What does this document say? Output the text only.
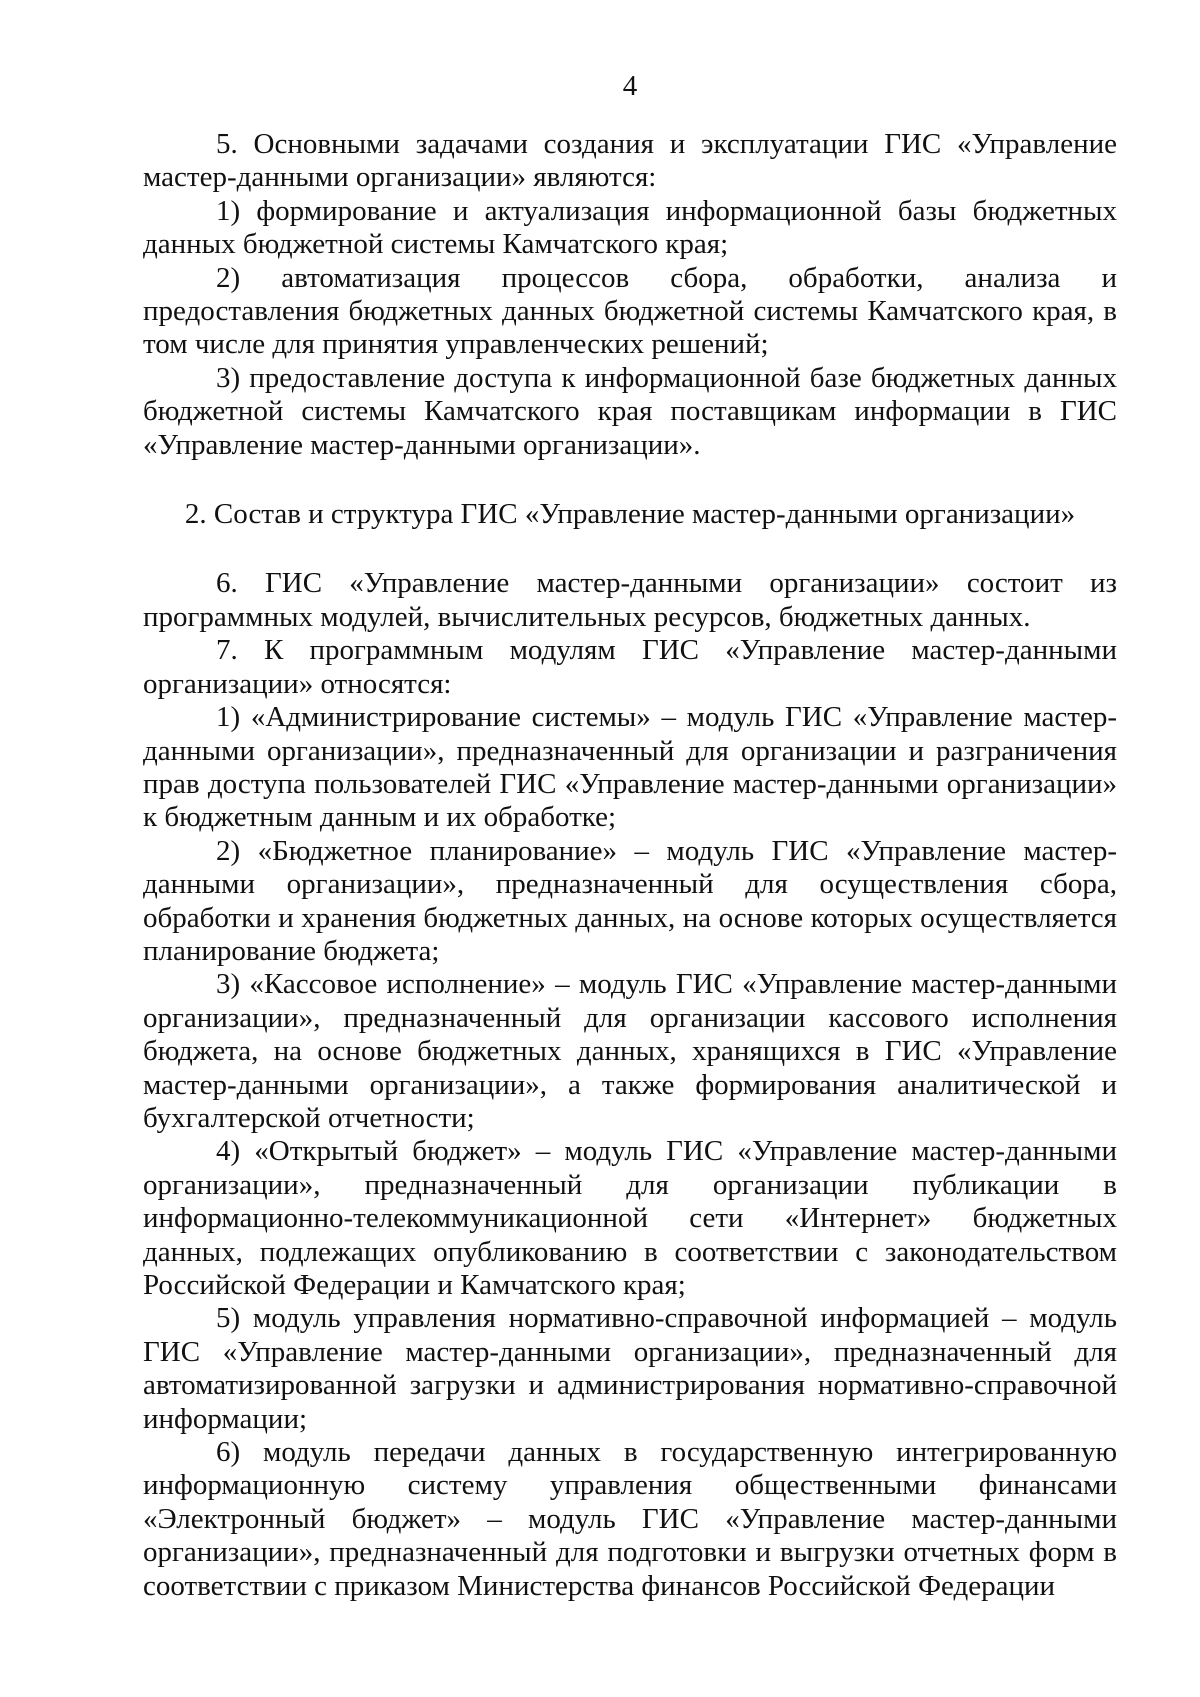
4

5. Основными задачами создания и эксплуатации ГИС «Управление мастер-данными организации» являются:

1) формирование и актуализация информационной базы бюджетных данных бюджетной системы Камчатского края;

2) автоматизация процессов сбора, обработки, анализа и предоставления бюджетных данных бюджетной системы Камчатского края, в том числе для принятия управленческих решений;

3) предоставление доступа к информационной базе бюджетных данных бюджетной системы Камчатского края поставщикам информации в ГИС «Управление мастер-данными организации».

2. Состав и структура ГИС «Управление мастер-данными организации»

6. ГИС «Управление мастер-данными организации» состоит из программных модулей, вычислительных ресурсов, бюджетных данных.

7. К программным модулям ГИС «Управление мастер-данными организации» относятся:

1) «Администрирование системы» – модуль ГИС «Управление мастер-данными организации», предназначенный для организации и разграничения прав доступа пользователей ГИС «Управление мастер-данными организации» к бюджетным данным и их обработке;

2) «Бюджетное планирование» – модуль ГИС «Управление мастер-данными организации», предназначенный для осуществления сбора, обработки и хранения бюджетных данных, на основе которых осуществляется планирование бюджета;

3) «Кассовое исполнение» – модуль ГИС «Управление мастер-данными организации», предназначенный для организации кассового исполнения бюджета, на основе бюджетных данных, хранящихся в ГИС «Управление мастер-данными организации», а также формирования аналитической и бухгалтерской отчетности;

4) «Открытый бюджет» – модуль ГИС «Управление мастер-данными организации», предназначенный для организации публикации в информационно-телекоммуникационной сети «Интернет» бюджетных данных, подлежащих опубликованию в соответствии с законодательством Российской Федерации и Камчатского края;

5) модуль управления нормативно-справочной информацией – модуль ГИС «Управление мастер-данными организации», предназначенный для автоматизированной загрузки и администрирования нормативно-справочной информации;

6) модуль передачи данных в государственную интегрированную информационную систему управления общественными финансами «Электронный бюджет» – модуль ГИС «Управление мастер-данными организации», предназначенный для подготовки и выгрузки отчетных форм в соответствии с приказом Министерства финансов Российской Федерации
